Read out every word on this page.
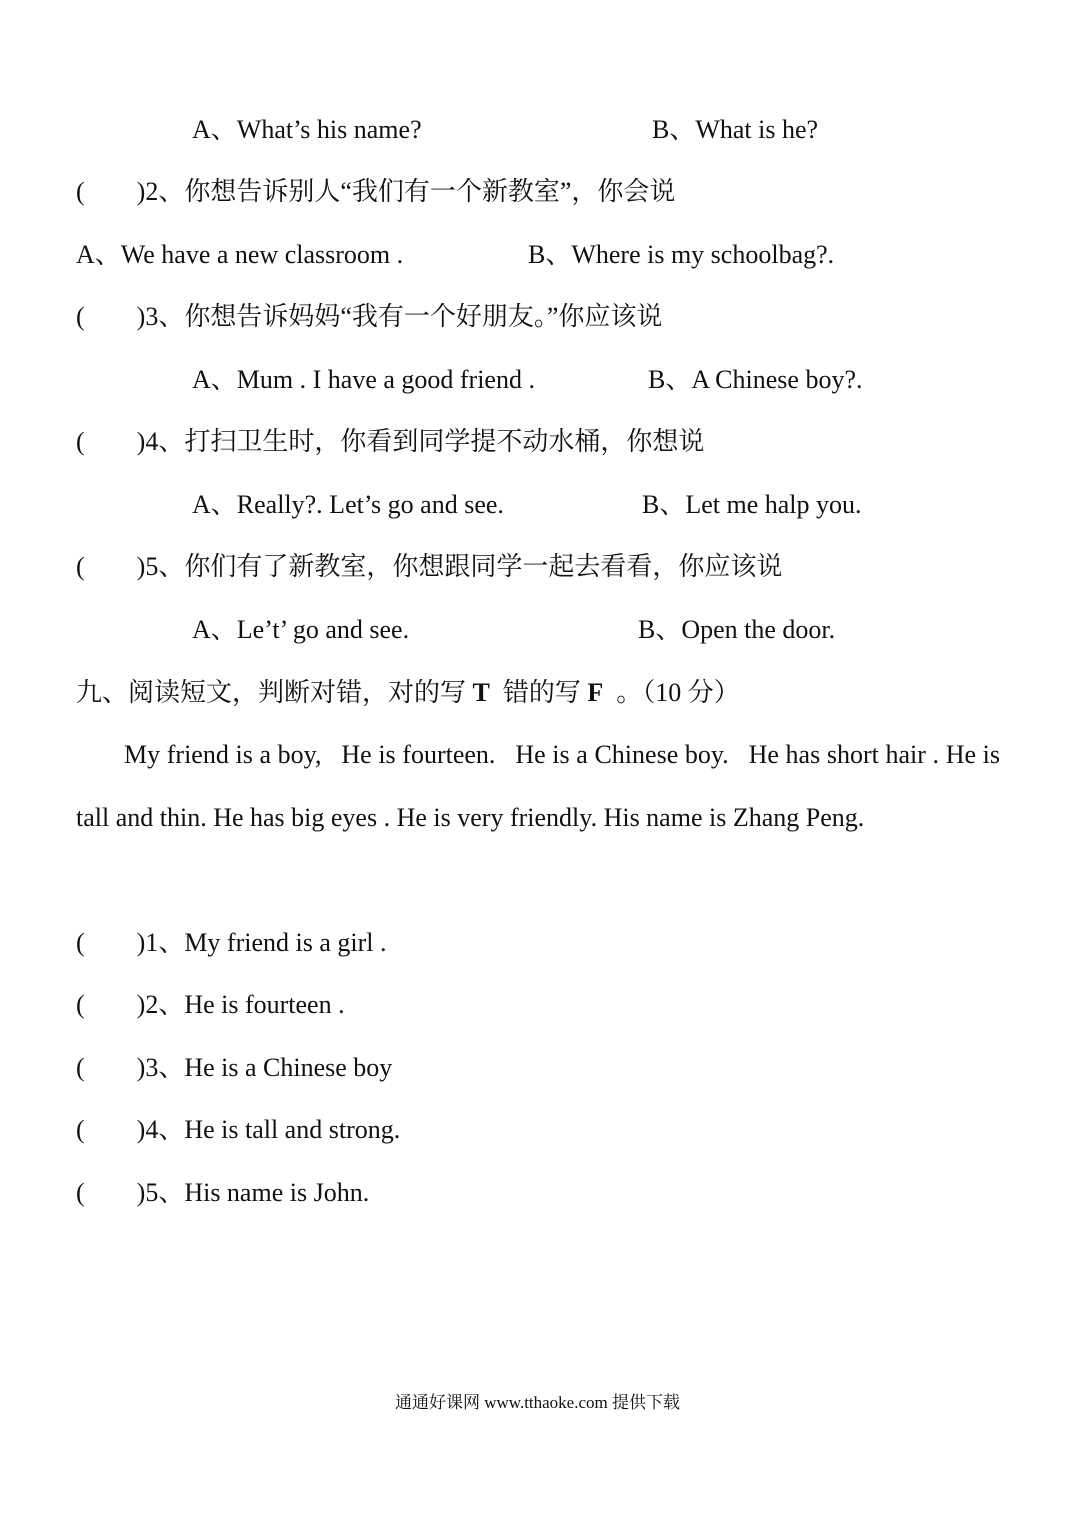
A、What’s his name?	B、What is he?
(        )2、你想告诉别人“我们有一个新教室”，你会说
A、We have a new classroom .	B、Where is my schoolbag?.
(        )3、你想告诉妈妈“我有一个好朋友。”你应该说
A、Mum . I have a good friend .	B、A Chinese boy?.
(        )4、打扫卫生时，你看到同学提不动水桶，你想说
A、Really?. Let’s go and see.	B、Let me halp you.
(        )5、你们有了新教室，你想跟同学一起去看看，你应该说
A、Le’t’ go and see.	B、Open the door.
九、阅读短文，判断对错，对的写 T  错的写 F  。（10 分）
My friend is a boy,   He is fourteen.   He is a Chinese boy.   He has short hair . He is tall and thin. He has big eyes . He is very friendly. His name is Zhang Peng.
(        )1、My friend is a girl .
(        )2、He is fourteen .
(        )3、He is a Chinese boy
(        )4、He is tall and strong.
(        )5、His name is John.
通通好课网 www.tthaoke.com 提供下载
